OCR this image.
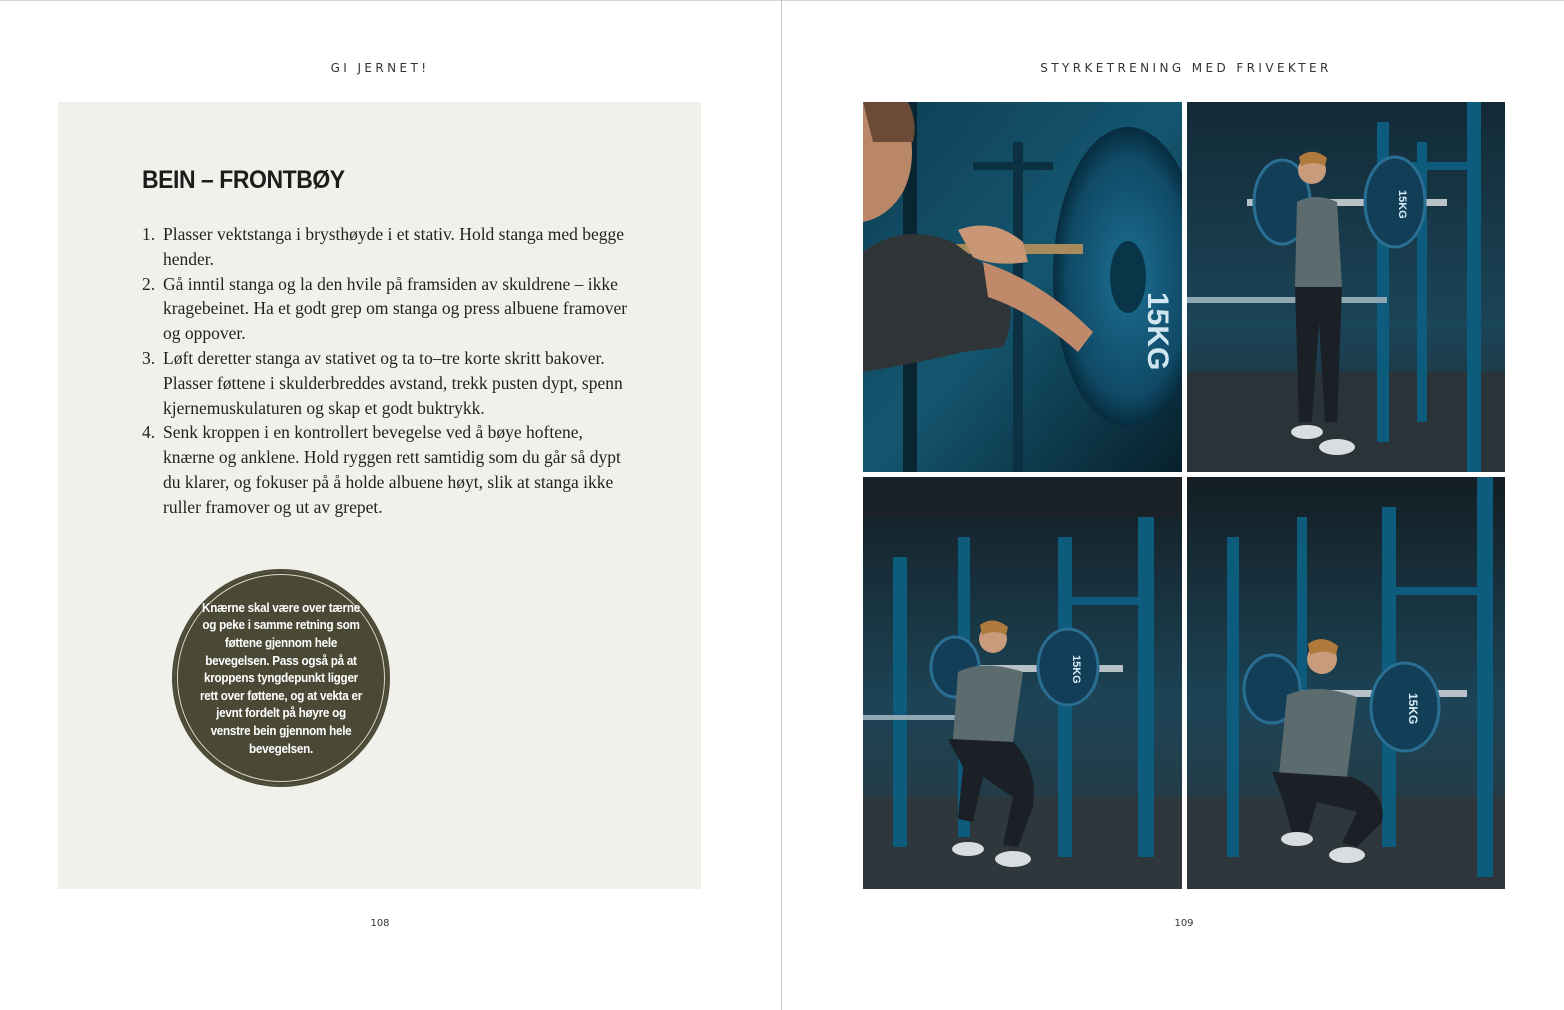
GI JERNET!
BEIN – FRONTBØY
1. Plasser vektstanga i brysthøyde i et stativ. Hold stanga med begge hender.
2. Gå inntil stanga og la den hvile på framsiden av skuldrene – ikke kragebeinet. Ha et godt grep om stanga og press albuene framover og oppover.
3. Løft deretter stanga av stativet og ta to–tre korte skritt bakover. Plasser føttene i skulderbreddes avstand, trekk pusten dypt, spenn kjernemuskulaturen og skap et godt buktrykk.
4. Senk kroppen i en kontrollert bevegelse ved å bøye hoftene, knærne og anklene. Hold ryggen rett samtidig som du går så dypt du klarer, og fokuser på å holde albuene høyt, slik at stanga ikke ruller framover og ut av grepet.
Knærne skal være over tærne og peke i samme retning som føttene gjennom hele bevegelsen. Pass også på at kroppens tyngdepunkt ligger rett over føttene, og at vekta er jevnt fordelt på høyre og venstre bein gjennom hele bevegelsen.
108
STYRKETRENING MED FRIVEKTER
15KG
15KG
15KG
15KG
109
